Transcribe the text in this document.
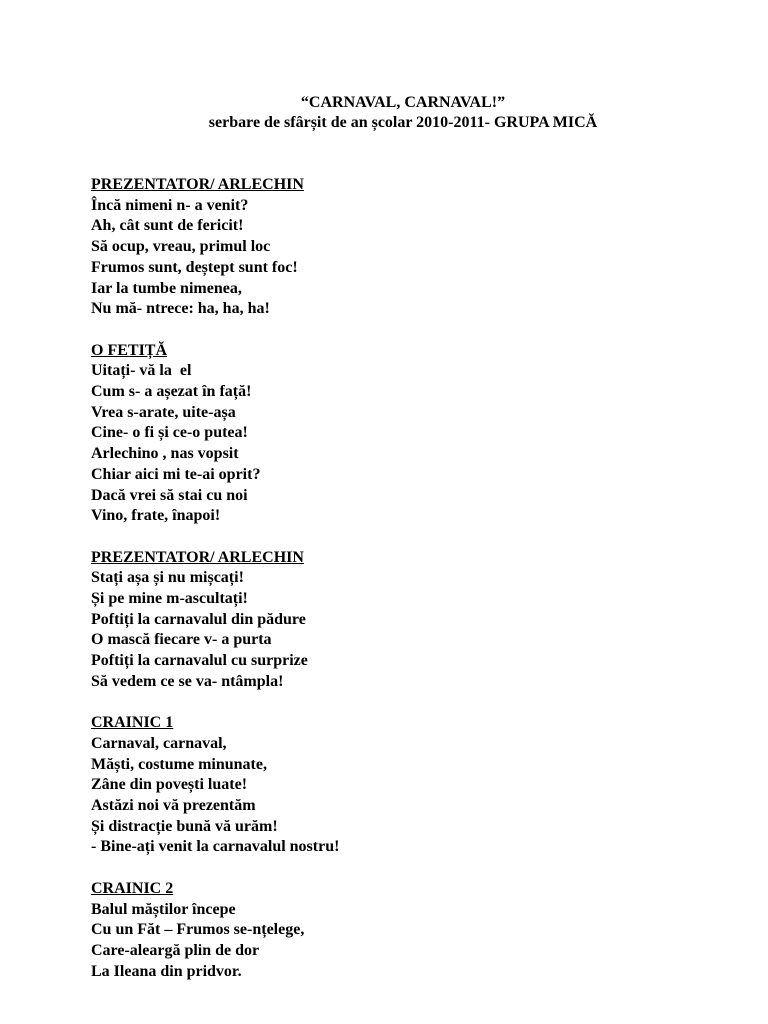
“CARNAVAL, CARNAVAL!”
serbare de sfârșit de an școlar 2010-2011- GRUPA MICĂ
PREZENTATOR/ ARLECHIN
Încă nimeni n- a venit?
Ah, cât sunt de fericit!
Să ocup, vreau, primul loc
Frumos sunt, deștept sunt foc!
Iar la tumbe nimenea,
Nu mă- ntrece: ha, ha, ha!
O FETIȚĂ
Uitați- vă la  el
Cum s- a așezat în față!
Vrea s-arate, uite-așa
Cine- o fi și ce-o putea!
Arlechino , nas vopsit
Chiar aici mi te-ai oprit?
Dacă vrei să stai cu noi
Vino, frate, înapoi!
PREZENTATOR/ ARLECHIN
Stați așa și nu mișcați!
Și pe mine m-ascultați!
Poftiți la carnavalul din pădure
O mască fiecare v- a purta
Poftiți la carnavalul cu surprize
Să vedem ce se va- ntâmpla!
CRAINIC 1
Carnaval, carnaval,
Măști, costume minunate,
Zâne din povești luate!
Astăzi noi vă prezentăm
Și distracție bună vă urăm!
- Bine-ați venit la carnavalul nostru!
CRAINIC 2
Balul măștilor începe
Cu un Făt – Frumos se-nțelege,
Care-aleargă plin de dor
La Ileana din pridvor.
